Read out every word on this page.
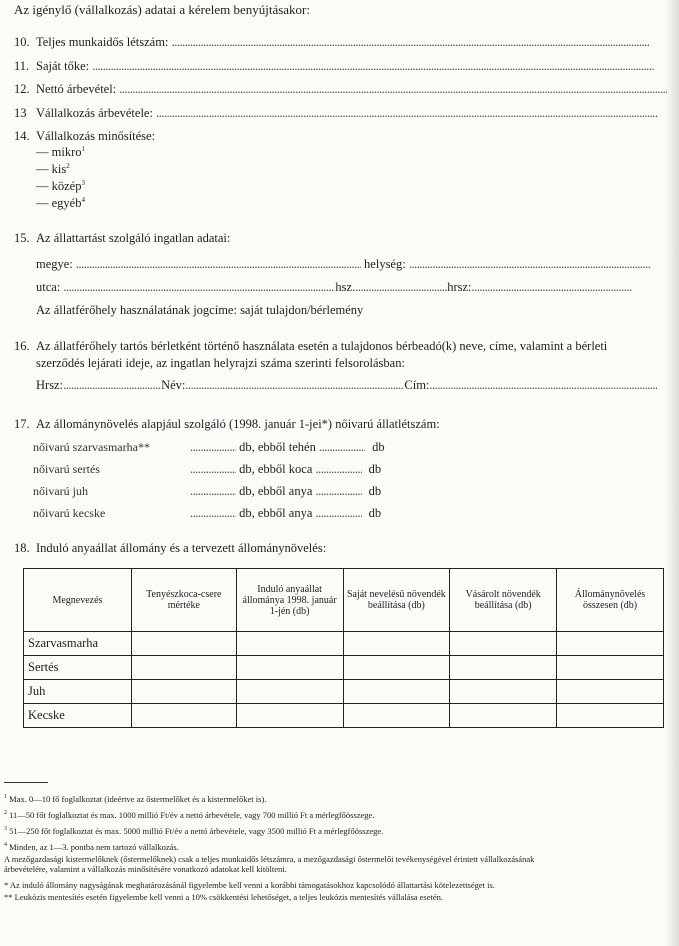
Az igénylő (vállalkozás) adatai a kérelem benyújtásakor:
10. Teljes munkaidős létszám: .....
11. Saját tőke: .....
12. Nettó árbevétel: .....
13 Vállalkozás árbevétele: .....
14. Vállalkozás minősítése:
— mikro$^1$
— kis$^2$
— közép$^3$
— egyéb$^4$
15. Az állattartást szolgáló ingatlan adatai:
megye: .....	helység: .....
utca: .....	hsz. .....	hrsz:.....
Az állatférőhely használatának jogcíme: saját tulajdon/bérlemény
16. Az állatférőhely tartós bérletként történő használata esetén a tulajdonos bérbeadó(k) neve, címe, valamint a bérleti
szerződés lejárati ideje, az ingatlan helyrajzi száma szerinti felsorolásban:
Hrsz: .....	Név: .....	Cím:.....
17. Az állománynövelés alapjául szolgáló (1998. január 1-jei*) nőivarú állatlétszám:
nőivarú szarvasmarha** .....	db, ebből tehén .....	db
nőivarú sertés .....	db, ebből koca .....	db
nőivarú juh .....	db, ebből anya .....	db
nőivarú kecske .....	db, ebből anya .....	db
18. Induló anyaállat állomány és a tervezett állománynövelés:
Megnevezés	Tenyészkoca-csere mértéke	Induló anyaállat állománya 1998. január 1-jén (db)	Saját nevelésű növendék beállítása (db)	Vásárolt növendék beállítása (db)	Állománynövelés összesen (db)
Szarvasmarha					
Sertés					
Juh					
Kecske					
$^1$ Max. 0—10 fő foglalkoztat (ideértve az őstermelőket és a kistermelőket is).
$^2$ 11—50 főt foglalkoztat és max. 1000 millió Ft/év a nettó árbevétele, vagy 700 millió Ft a mérlegfőösszege.
$^3$ 51—250 főt foglalkoztat és max. 5000 millió Ft/év a nettó árbevétele, vagy 3500 millió Ft a mérlegfőösszege.
$^4$ Minden, az 1—3. pontba nem tartozó vállalkozás.
A mezőgazdasági kistermelőknek (őstermelőknek) csak a teljes munkaidős létszámra, a mezőgazdasági őstermelői tevékenységével érintett vállalkozásának
árbevételére, valamint a vállalkozás minősítésére vonatkozó adatokat kell kitölteni.
* Az induló állomány nagyságának meghatározásánál figyelembe kell venni a korábbi támogatásokhoz kapcsolódó állattartási kötelezettséget is.
** Leukózis mentesítés esetén figyelembe kell venni a 10% csökkentési lehetőséget, a teljes leukózis mentesítés vállalása esetén.
